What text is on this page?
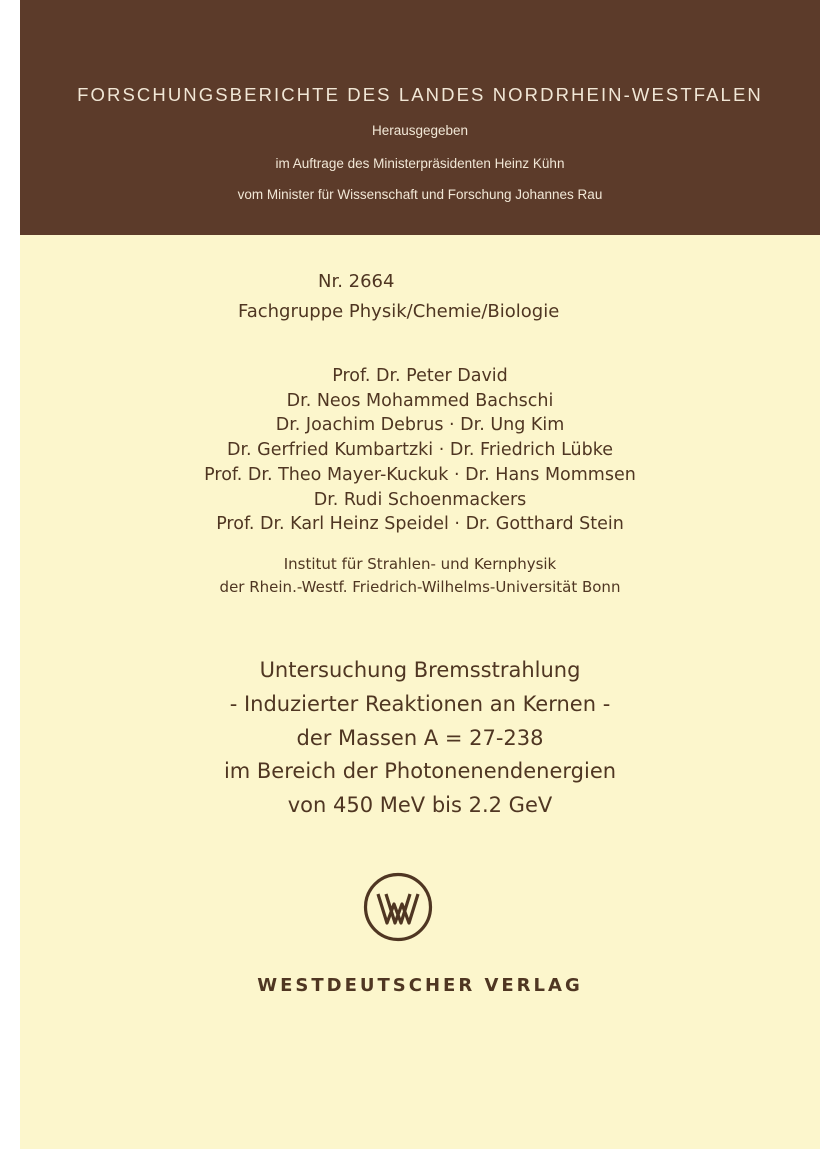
FORSCHUNGSBERICHTE DES LANDES NORDRHEIN-WESTFALEN
Herausgegeben
im Auftrage des Ministerpräsidenten Heinz Kühn
vom Minister für Wissenschaft und Forschung Johannes Rau
Nr. 2664
Fachgruppe Physik/Chemie/Biologie
Prof. Dr. Peter David
Dr. Neos Mohammed Bachschi
Dr. Joachim Debrus · Dr. Ung Kim
Dr. Gerfried Kumbartzki · Dr. Friedrich Lübke
Prof. Dr. Theo Mayer-Kuckuk · Dr. Hans Mommsen
Dr. Rudi Schoenmackers
Prof. Dr. Karl Heinz Speidel · Dr. Gotthard Stein
Institut für Strahlen- und Kernphysik
der Rhein.-Westf. Friedrich-Wilhelms-Universität Bonn
Untersuchung Bremsstrahlung
- Induzierter Reaktionen an Kernen -
der Massen A = 27-238
im Bereich der Photonenendenergien
von 450 MeV bis 2.2 GeV
WESTDEUTSCHER VERLAG
